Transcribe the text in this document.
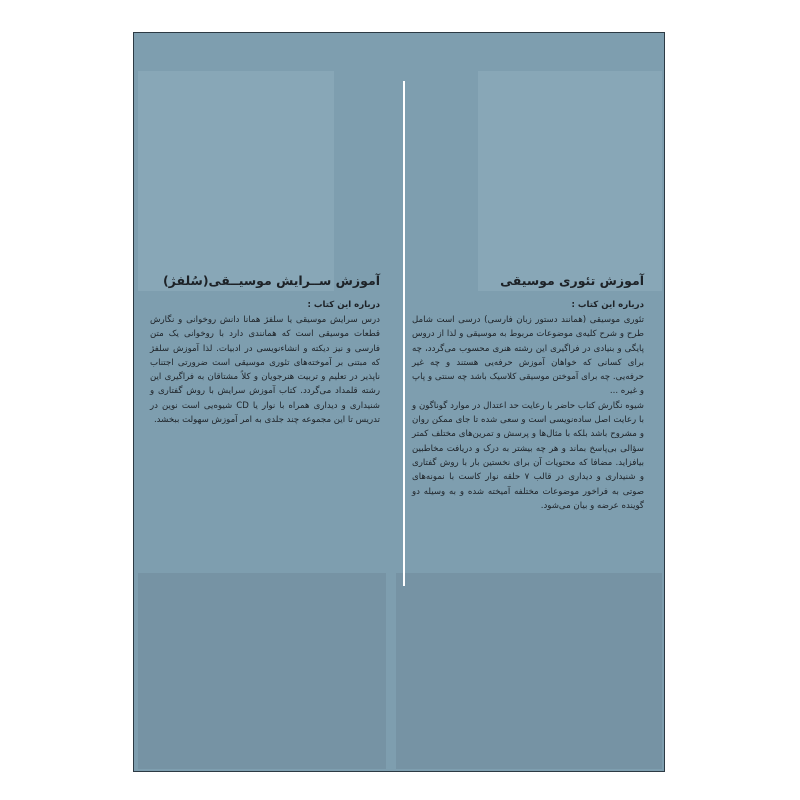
آموزش ســرایش موسیــقی(سُلفژ)
درباره این کتاب :

درس سرایش موسیقی یا سلفژ همانا دانش روخوانی و نگارش قطعات موسیقی است که همانندی دارد با روخوانی یک متن فارسی و نیز دیکته و انشا‌ء‌نویسی در ادبیات. لذا آموزش سلفژ که مبتنی بر آموخته‌های تئوری موسیقی است ضرورتی اجتناب ناپذیر در تعلیم و تربیت هنرجویان و کلاً مشتاقان به فراگیری این رشته قلمداد می‌گردد. کتاب آموزش سرایش با روش گفتاری و شنیداری و دیداری همراه با نوار یا CD شیوه‌یی است نوین در تدریس تا این مجموعه چند جلدی به امر آموزش سهولت ببخشد.

آموزش تئوری موسیقی
درباره این کتاب :

تئوری موسیقی (همانند دستور زبان فارسی) درسی است شامل طرح و شرح کلیه‌ی موضوعات مربوط به موسیقی و لذا از دروس پایگی و بنیادی در فراگیری این رشته هنری محسوب می‌گردد، چه برای کسانی که خواهان آموزش حرفه‌یی هستند و چه غیر حرفه‌یی. چه برای آموختن موسیقی کلاسیک باشد چه سنتی و پاپ و غیره ...

شیوه نگارش کتاب حاضر با رعایت حد اعتدال در موارد گوناگون و با رعایت اصل ساده‌نویسی است و سعی شده تا جای ممکن روان و مشروح باشد بلکه با مثال‌ها و پرسش و تمرین‌های مختلف کمتر سؤالی بی‌پاسخ بماند و هر چه بیشتر به درک و دریافت مخاطبین بیافزاید. مضافا که محتویات آن برای نخستین بار با روش گفتاری و شنیداری و دیداری در قالب ۷ حلقه نوار کاست با نمونه‌های صوتی به فراخور موضوعات مختلفه آمیخته شده و به وسیله دو گوینده عرضه و بیان می‌شود.
